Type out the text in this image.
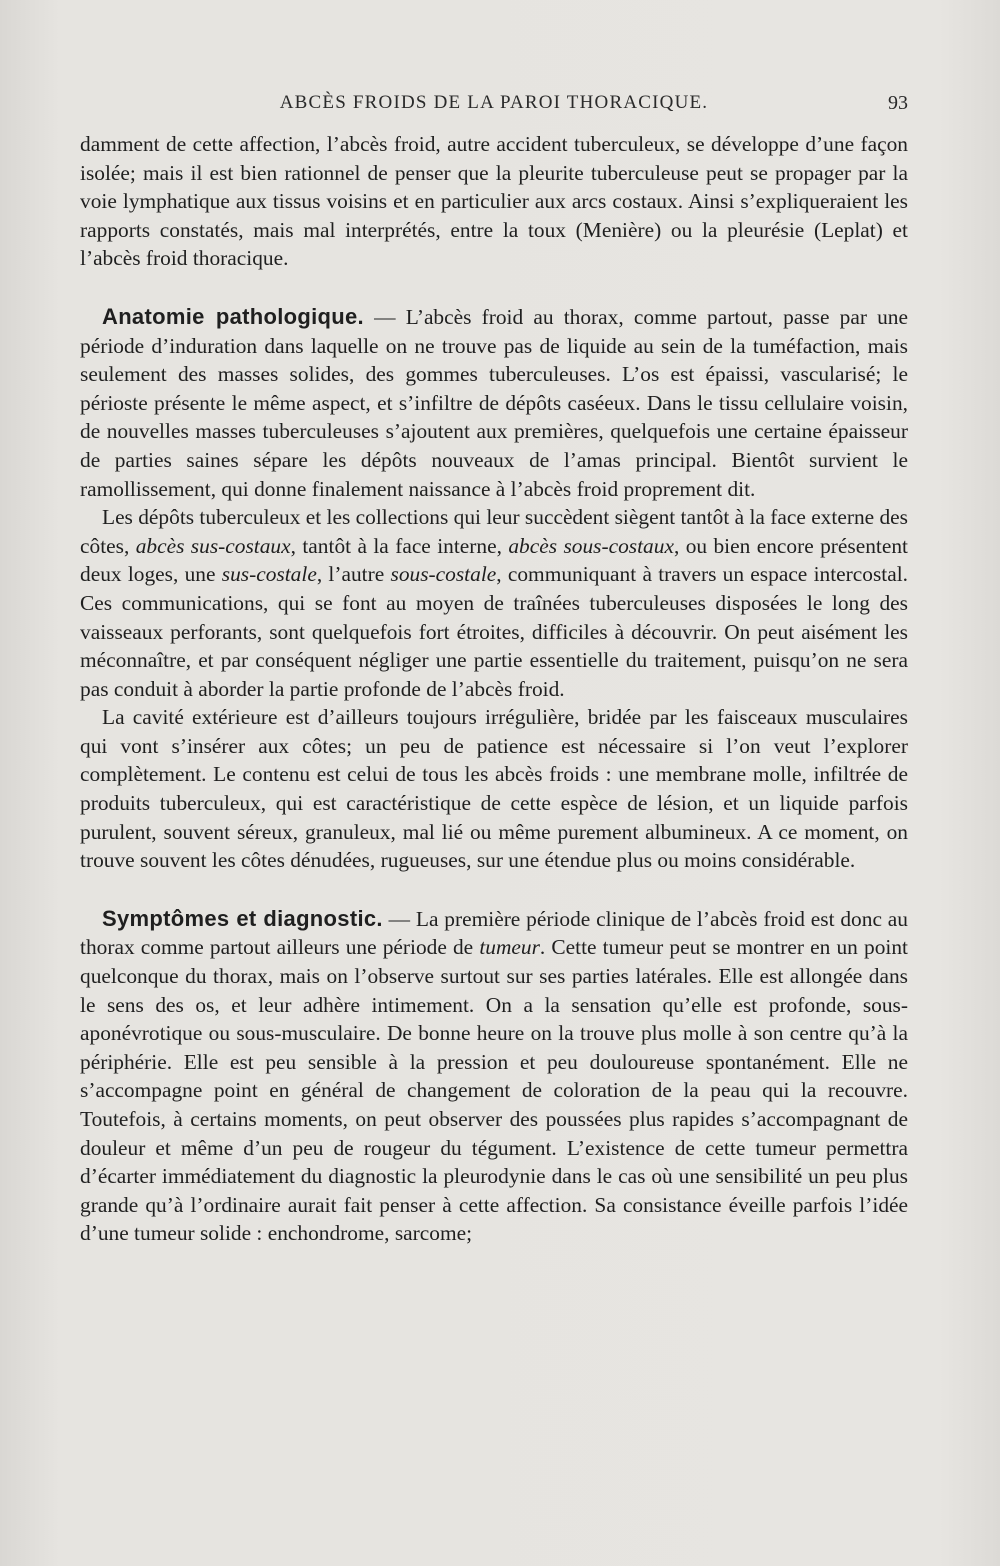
ABCÈS FROIDS DE LA PAROI THORACIQUE.	93

damment de cette affection, l’abcès froid, autre accident tuberculeux, se développe d’une façon isolée; mais il est bien rationnel de penser que la pleurite tuberculeuse peut se propager par la voie lymphatique aux tissus voisins et en particulier aux arcs costaux. Ainsi s’expliqueraient les rapports constatés, mais mal interprétés, entre la toux (Menière) ou la pleurésie (Leplat) et l’abcès froid thoracique.

Anatomie pathologique. — L’abcès froid au thorax, comme partout, passe par une période d’induration dans laquelle on ne trouve pas de liquide au sein de la tuméfaction, mais seulement des masses solides, des gommes tuberculeuses. L’os est épaissi, vascularisé; le périoste présente le même aspect, et s’infiltre de dépôts caséeux. Dans le tissu cellulaire voisin, de nouvelles masses tuberculeuses s’ajoutent aux premières, quelquefois une certaine épaisseur de parties saines sépare les dépôts nouveaux de l’amas principal. Bientôt survient le ramollissement, qui donne finalement naissance à l’abcès froid proprement dit.

Les dépôts tuberculeux et les collections qui leur succèdent siègent tantôt à la face externe des côtes, abcès sus-costaux, tantôt à la face interne, abcès sous-costaux, ou bien encore présentent deux loges, une sus-costale, l’autre sous-costale, communiquant à travers un espace intercostal. Ces communications, qui se font au moyen de traînées tuberculeuses disposées le long des vaisseaux perforants, sont quelquefois fort étroites, difficiles à découvrir. On peut aisément les méconnaître, et par conséquent négliger une partie essentielle du traitement, puisqu’on ne sera pas conduit à aborder la partie profonde de l’abcès froid.

La cavité extérieure est d’ailleurs toujours irrégulière, bridée par les faisceaux musculaires qui vont s’insérer aux côtes; un peu de patience est nécessaire si l’on veut l’explorer complètement. Le contenu est celui de tous les abcès froids : une membrane molle, infiltrée de produits tuberculeux, qui est caractéristique de cette espèce de lésion, et un liquide parfois purulent, souvent séreux, granuleux, mal lié ou même purement albumineux. A ce moment, on trouve souvent les côtes dénudées, rugueuses, sur une étendue plus ou moins considérable.

Symptômes et diagnostic. — La première période clinique de l’abcès froid est donc au thorax comme partout ailleurs une période de tumeur. Cette tumeur peut se montrer en un point quelconque du thorax, mais on l’observe surtout sur ses parties latérales. Elle est allongée dans le sens des os, et leur adhère intimement. On a la sensation qu’elle est profonde, sous-aponévrotique ou sous-musculaire. De bonne heure on la trouve plus molle à son centre qu’à la périphérie. Elle est peu sensible à la pression et peu douloureuse spontanément. Elle ne s’accompagne point en général de changement de coloration de la peau qui la recouvre. Toutefois, à certains moments, on peut observer des poussées plus rapides s’accompagnant de douleur et même d’un peu de rougeur du tégument. L’existence de cette tumeur permettra d’écarter immédiatement du diagnostic la pleurodynie dans le cas où une sensibilité un peu plus grande qu’à l’ordinaire aurait fait penser à cette affection. Sa consistance éveille parfois l’idée d’une tumeur solide : enchondrome, sarcome;
